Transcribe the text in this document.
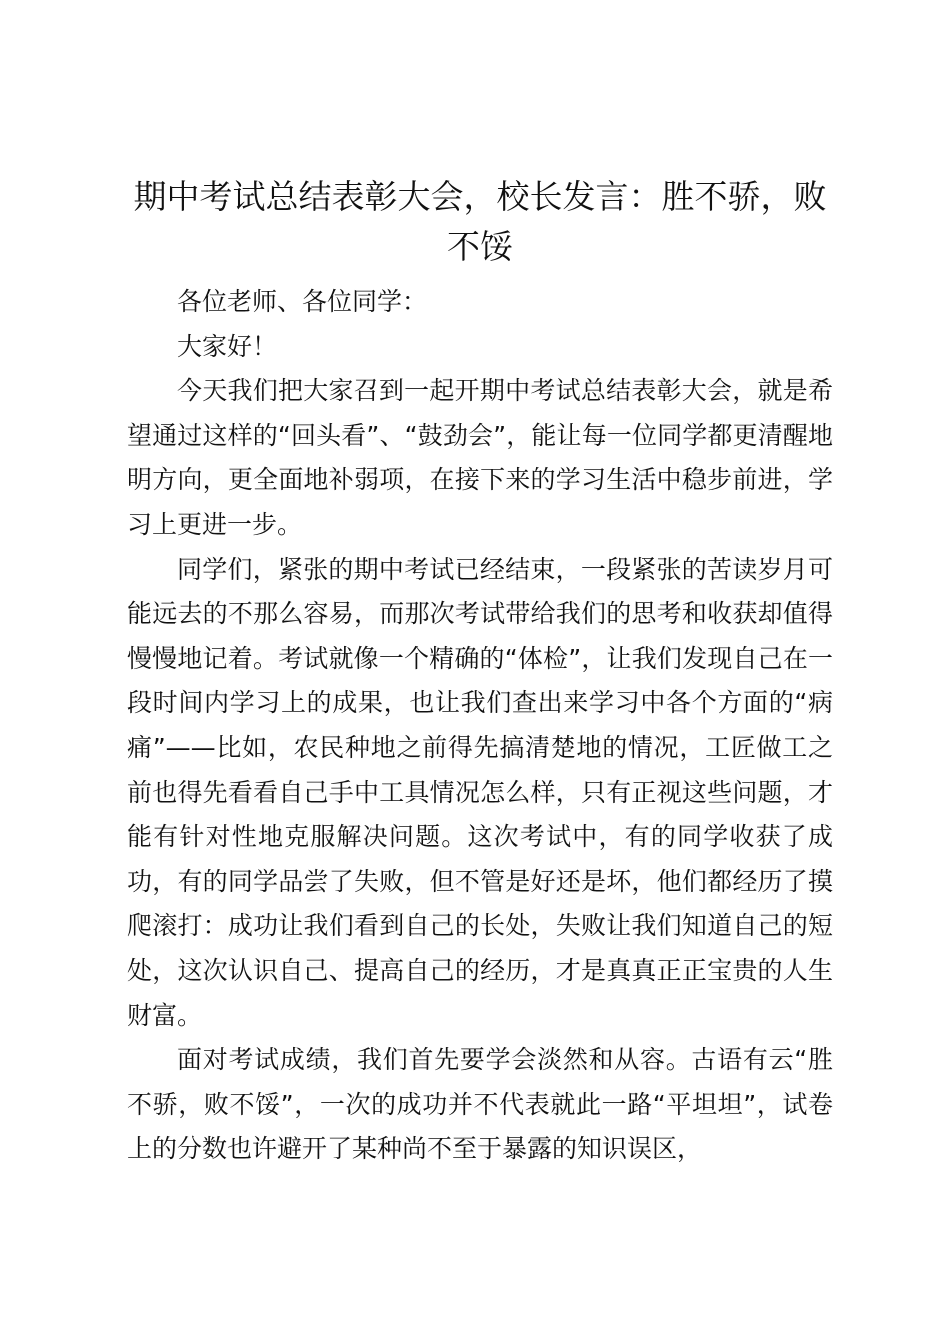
期中考试总结表彰大会，校长发言：胜不骄，败不馁

各位老师、各位同学：

大家好！

今天我们把大家召到一起开期中考试总结表彰大会，就是希望通过这样的“回头看”、“鼓劲会”，能让每一位同学都更清醒地明方向，更全面地补弱项，在接下来的学习生活中稳步前进，学习上更进一步。

同学们，紧张的期中考试已经结束，一段紧张的苦读岁月可能远去的不那么容易，而那次考试带给我们的思考和收获却值得慢慢地记着。考试就像一个精确的“体检”，让我们发现自己在一段时间内学习上的成果，也让我们查出来学习中各个方面的“病痛”——比如，农民种地之前得先搞清楚地的情况，工匠做工之前也得先看看自己手中工具情况怎么样，只有正视这些问题，才能有针对性地克服解决问题。这次考试中，有的同学收获了成功，有的同学品尝了失败，但不管是好还是坏，他们都经历了摸爬滚打：成功让我们看到自己的长处，失败让我们知道自己的短处，这次认识自己、提高自己的经历，才是真真正正宝贵的人生财富。

面对考试成绩，我们首先要学会淡然和从容。古语有云“胜不骄，败不馁”，一次的成功并不代表就此一路“平坦坦”，试卷上的分数也许避开了某种尚不至于暴露的知识误区，
